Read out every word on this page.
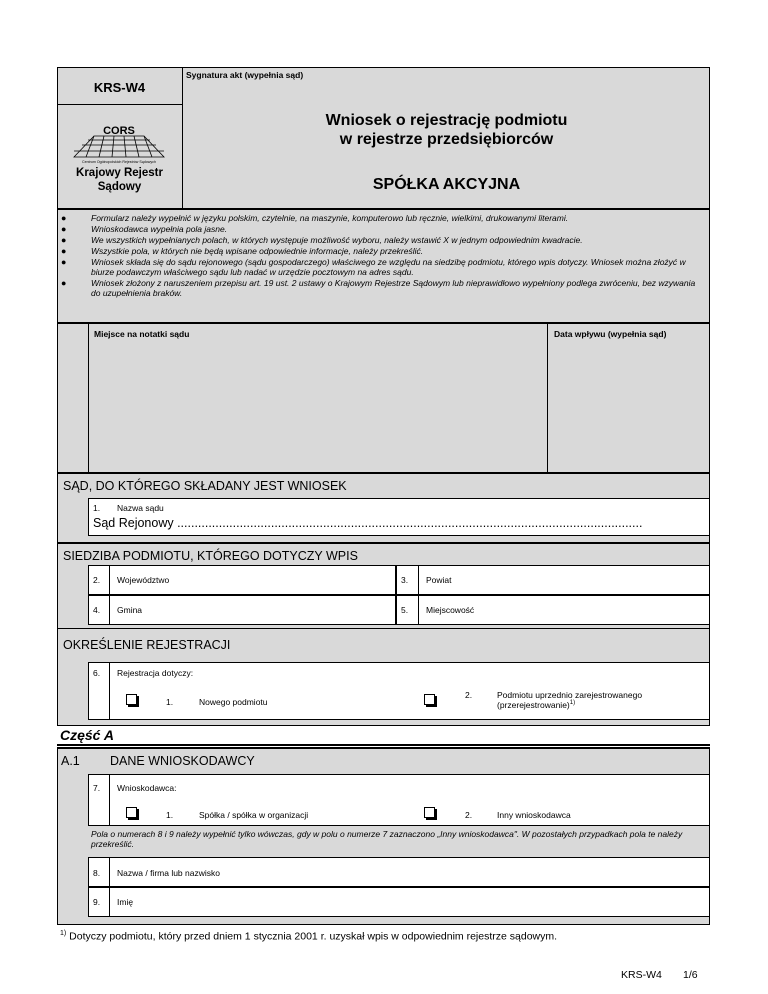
KRS-W4
Sygnatura akt (wypełnia sąd)
CORS
Centrum Ogólnopolskich Rejestrów Sądowych
Krajowy Rejestr
Sądowy
Wniosek o rejestrację podmiotu
w rejestrze przedsiębiorców
SPÓŁKA AKCYJNA
● Formularz należy wypełnić w języku polskim, czytelnie, na maszynie, komputerowo lub ręcznie, wielkimi, drukowanymi literami.
● Wnioskodawca wypełnia pola jasne.
● We wszystkich wypełnianych polach, w których występuje możliwość wyboru, należy wstawić X w jednym odpowiednim kwadracie.
● Wszystkie pola, w których nie będą wpisane odpowiednie informacje, należy przekreślić.
● Wniosek składa się do sądu rejonowego (sądu gospodarczego) właściwego ze względu na siedzibę podmiotu, którego wpis dotyczy. Wniosek można złożyć w biurze podawczym właściwego sądu lub nadać w urzędzie pocztowym na adres sądu.
● Wniosek złożony z naruszeniem przepisu art. 19 ust. 2 ustawy o Krajowym Rejestrze Sądowym lub nieprawidłowo wypełniony podlega zwróceniu, bez wzywania do uzupełnienia braków.
Miejsce na notatki sądu	Data wpływu (wypełnia sąd)
SĄD, DO KTÓREGO SKŁADANY JEST WNIOSEK
1. Nazwa sądu
Sąd Rejonowy ......................................................................................................................................
SIEDZIBA PODMIOTU, KTÓREGO DOTYCZY WPIS
2. Województwo	3. Powiat
4. Gmina	5. Miejscowość
OKREŚLENIE REJESTRACJI
6. Rejestracja dotyczy:
1.	Nowego podmiotu
2.	Podmiotu uprzednio zarejestrowanego
(przerejestrowanie)$^{1)}$
Część A
A.1 DANE WNIOSKODAWCY
7. Wnioskodawca:
1.	Spółka / spółka w organizacji	2.	Inny wnioskodawca
Pola o numerach 8 i 9 należy wypełnić tylko wówczas, gdy w polu o numerze 7 zaznaczono „Inny wnioskodawca". W pozostałych przypadkach pola te należy przekreślić.
8. Nazwa / firma lub nazwisko
9. Imię
$^{1)}$ Dotyczy podmiotu, który przed dniem 1 stycznia 2001 r. uzyskał wpis w odpowiednim rejestrze sądowym.
KRS-W4 1/6
